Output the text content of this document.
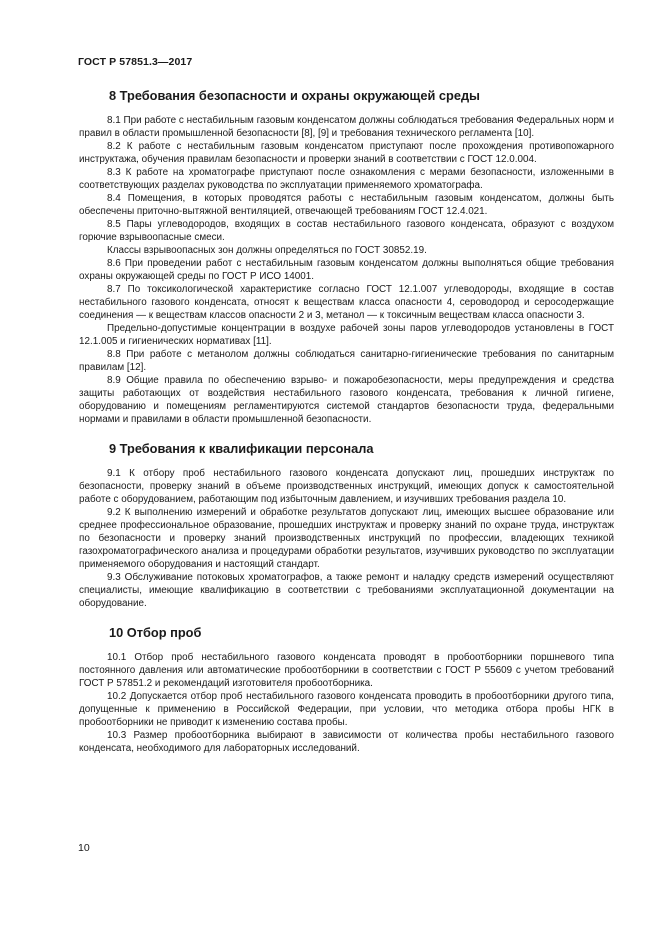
ГОСТ Р 57851.3—2017
8 Требования безопасности и охраны окружающей среды

8.1 При работе с нестабильным газовым конденсатом должны соблюдаться требования Федеральных норм и правил в области промышленной безопасности [8], [9] и требования технического регламента [10].

8.2 К работе с нестабильным газовым конденсатом приступают после прохождения противопожарного инструктажа, обучения правилам безопасности и проверки знаний в соответствии с ГОСТ 12.0.004.

8.3 К работе на хроматографе приступают после ознакомления с мерами безопасности, изложенными в соответствующих разделах руководства по эксплуатации применяемого хроматографа.

8.4 Помещения, в которых проводятся работы с нестабильным газовым конденсатом, должны быть обеспечены приточно-вытяжной вентиляцией, отвечающей требованиям ГОСТ 12.4.021.

8.5 Пары углеводородов, входящих в состав нестабильного газового конденсата, образуют с воздухом горючие взрывоопасные смеси.

Классы взрывоопасных зон должны определяться по ГОСТ 30852.19.

8.6 При проведении работ с нестабильным газовым конденсатом должны выполняться общие требования охраны окружающей среды по ГОСТ Р ИСО 14001.

8.7 По токсикологической характеристике согласно ГОСТ 12.1.007 углеводороды, входящие в состав нестабильного газового конденсата, относят к веществам класса опасности 4, сероводород и серосодержащие соединения — к веществам классов опасности 2 и 3, метанол — к токсичным веществам класса опасности 3.

Предельно-допустимые концентрации в воздухе рабочей зоны паров углеводородов установлены в ГОСТ 12.1.005 и гигиенических нормативах [11].

8.8 При работе с метанолом должны соблюдаться санитарно-гигиенические требования по санитарным правилам [12].

8.9 Общие правила по обеспечению взрыво- и пожаробезопасности, меры предупреждения и средства защиты работающих от воздействия нестабильного газового конденсата, требования к личной гигиене, оборудованию и помещениям регламентируются системой стандартов безопасности труда, федеральными нормами и правилами в области промышленной безопасности.

9 Требования к квалификации персонала

9.1 К отбору проб нестабильного газового конденсата допускают лиц, прошедших инструктаж по безопасности, проверку знаний в объеме производственных инструкций, имеющих допуск к самостоятельной работе с оборудованием, работающим под избыточным давлением, и изучивших требования раздела 10.

9.2 К выполнению измерений и обработке результатов допускают лиц, имеющих высшее образование или среднее профессиональное образование, прошедших инструктаж и проверку знаний по охране труда, инструктаж по безопасности и проверку знаний производственных инструкций по профессии, владеющих техникой газохроматографического анализа и процедурами обработки результатов, изучивших руководство по эксплуатации применяемого оборудования и настоящий стандарт.

9.3 Обслуживание потоковых хроматографов, а также ремонт и наладку средств измерений осуществляют специалисты, имеющие квалификацию в соответствии с требованиями эксплуатационной документации на оборудование.

10 Отбор проб

10.1 Отбор проб нестабильного газового конденсата проводят в пробоотборники поршневого типа постоянного давления или автоматические пробоотборники в соответствии с ГОСТ Р 55609 с учетом требований ГОСТ Р 57851.2 и рекомендаций изготовителя пробоотборника.

10.2 Допускается отбор проб нестабильного газового конденсата проводить в пробоотборники другого типа, допущенные к применению в Российской Федерации, при условии, что методика отбора пробы НГК в пробоотборники не приводит к изменению состава пробы.

10.3 Размер пробоотборника выбирают в зависимости от количества пробы нестабильного газового конденсата, необходимого для лабораторных исследований.

10
